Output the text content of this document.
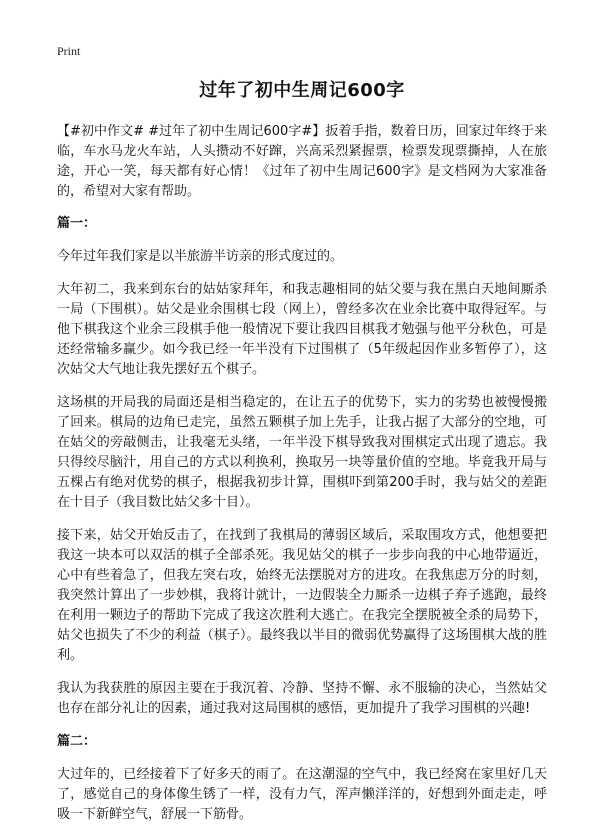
Print
过年了初中生周记600字

【#初中作文# #过年了初中生周记600字#】扳着手指，数着日历，回家过年终于来临，车水马龙火车站，人头攒动不好蹿，兴高采烈紧握票，检票发现票撕掉，人在旅途，开心一笑，每天都有好心情！《过年了初中生周记600字》是文档网为大家准备的，希望对大家有帮助。

篇一：

今年过年我们家是以半旅游半访亲的形式度过的。

大年初二，我来到东台的姑姑家拜年，和我志趣相同的姑父要与我在黑白天地间厮杀一局（下围棋）。姑父是业余围棋七段（网上），曾经多次在业余比赛中取得冠军。与他下棋我这个业余三段棋手他一般情况下要让我四目棋我才勉强与他平分秋色，可是还经常输多赢少。如今我已经一年半没有下过围棋了（5年级起因作业多暂停了），这次姑父大气地让我先摆好五个棋子。

这场棋的开局我的局面还是相当稳定的，在让五子的优势下，实力的劣势也被慢慢搬了回来。棋局的边角已走完，虽然五颗棋子加上先手，让我占据了大部分的空地，可在姑父的旁敲侧击，让我毫无头绪，一年半没下棋导致我对围棋定式出现了遗忘。我只得绞尽脑汁，用自己的方式以利换利，换取另一块等量价值的空地。毕竟我开局与五棵占有绝对优势的棋子，根据我初步计算，围棋吓到第200手时，我与姑父的差距在十目子（我目数比姑父多十目）。

接下来，姑父开始反击了，在找到了我棋局的薄弱区域后，采取围攻方式，他想要把我这一块本可以双活的棋子全部杀死。我见姑父的棋子一步步向我的中心地带逼近，心中有些着急了，但我左突右攻，始终无法摆脱对方的进攻。在我焦虑万分的时刻，我突然计算出了一步妙棋，我将计就计，一边假装全力厮杀一边棋子弃子逃跑，最终在利用一颗边子的帮助下完成了我这次胜利大逃亡。在我完全摆脱被全杀的局势下，姑父也损失了不少的利益（棋子）。最终我以半目的微弱优势赢得了这场围棋大战的胜利。

我认为我获胜的原因主要在于我沉着、冷静、坚持不懈、永不服输的决心，当然姑父也存在部分礼让的因素，通过我对这局围棋的感悟，更加提升了我学习围棋的兴趣!

篇二：

大过年的，已经接着下了好多天的雨了。在这潮湿的空气中，我已经窝在家里好几天了，感觉自己的身体像生锈了一样，没有力气，浑声懒洋洋的，好想到外面走走，呼吸一下新鲜空气，舒展一下筋骨。
